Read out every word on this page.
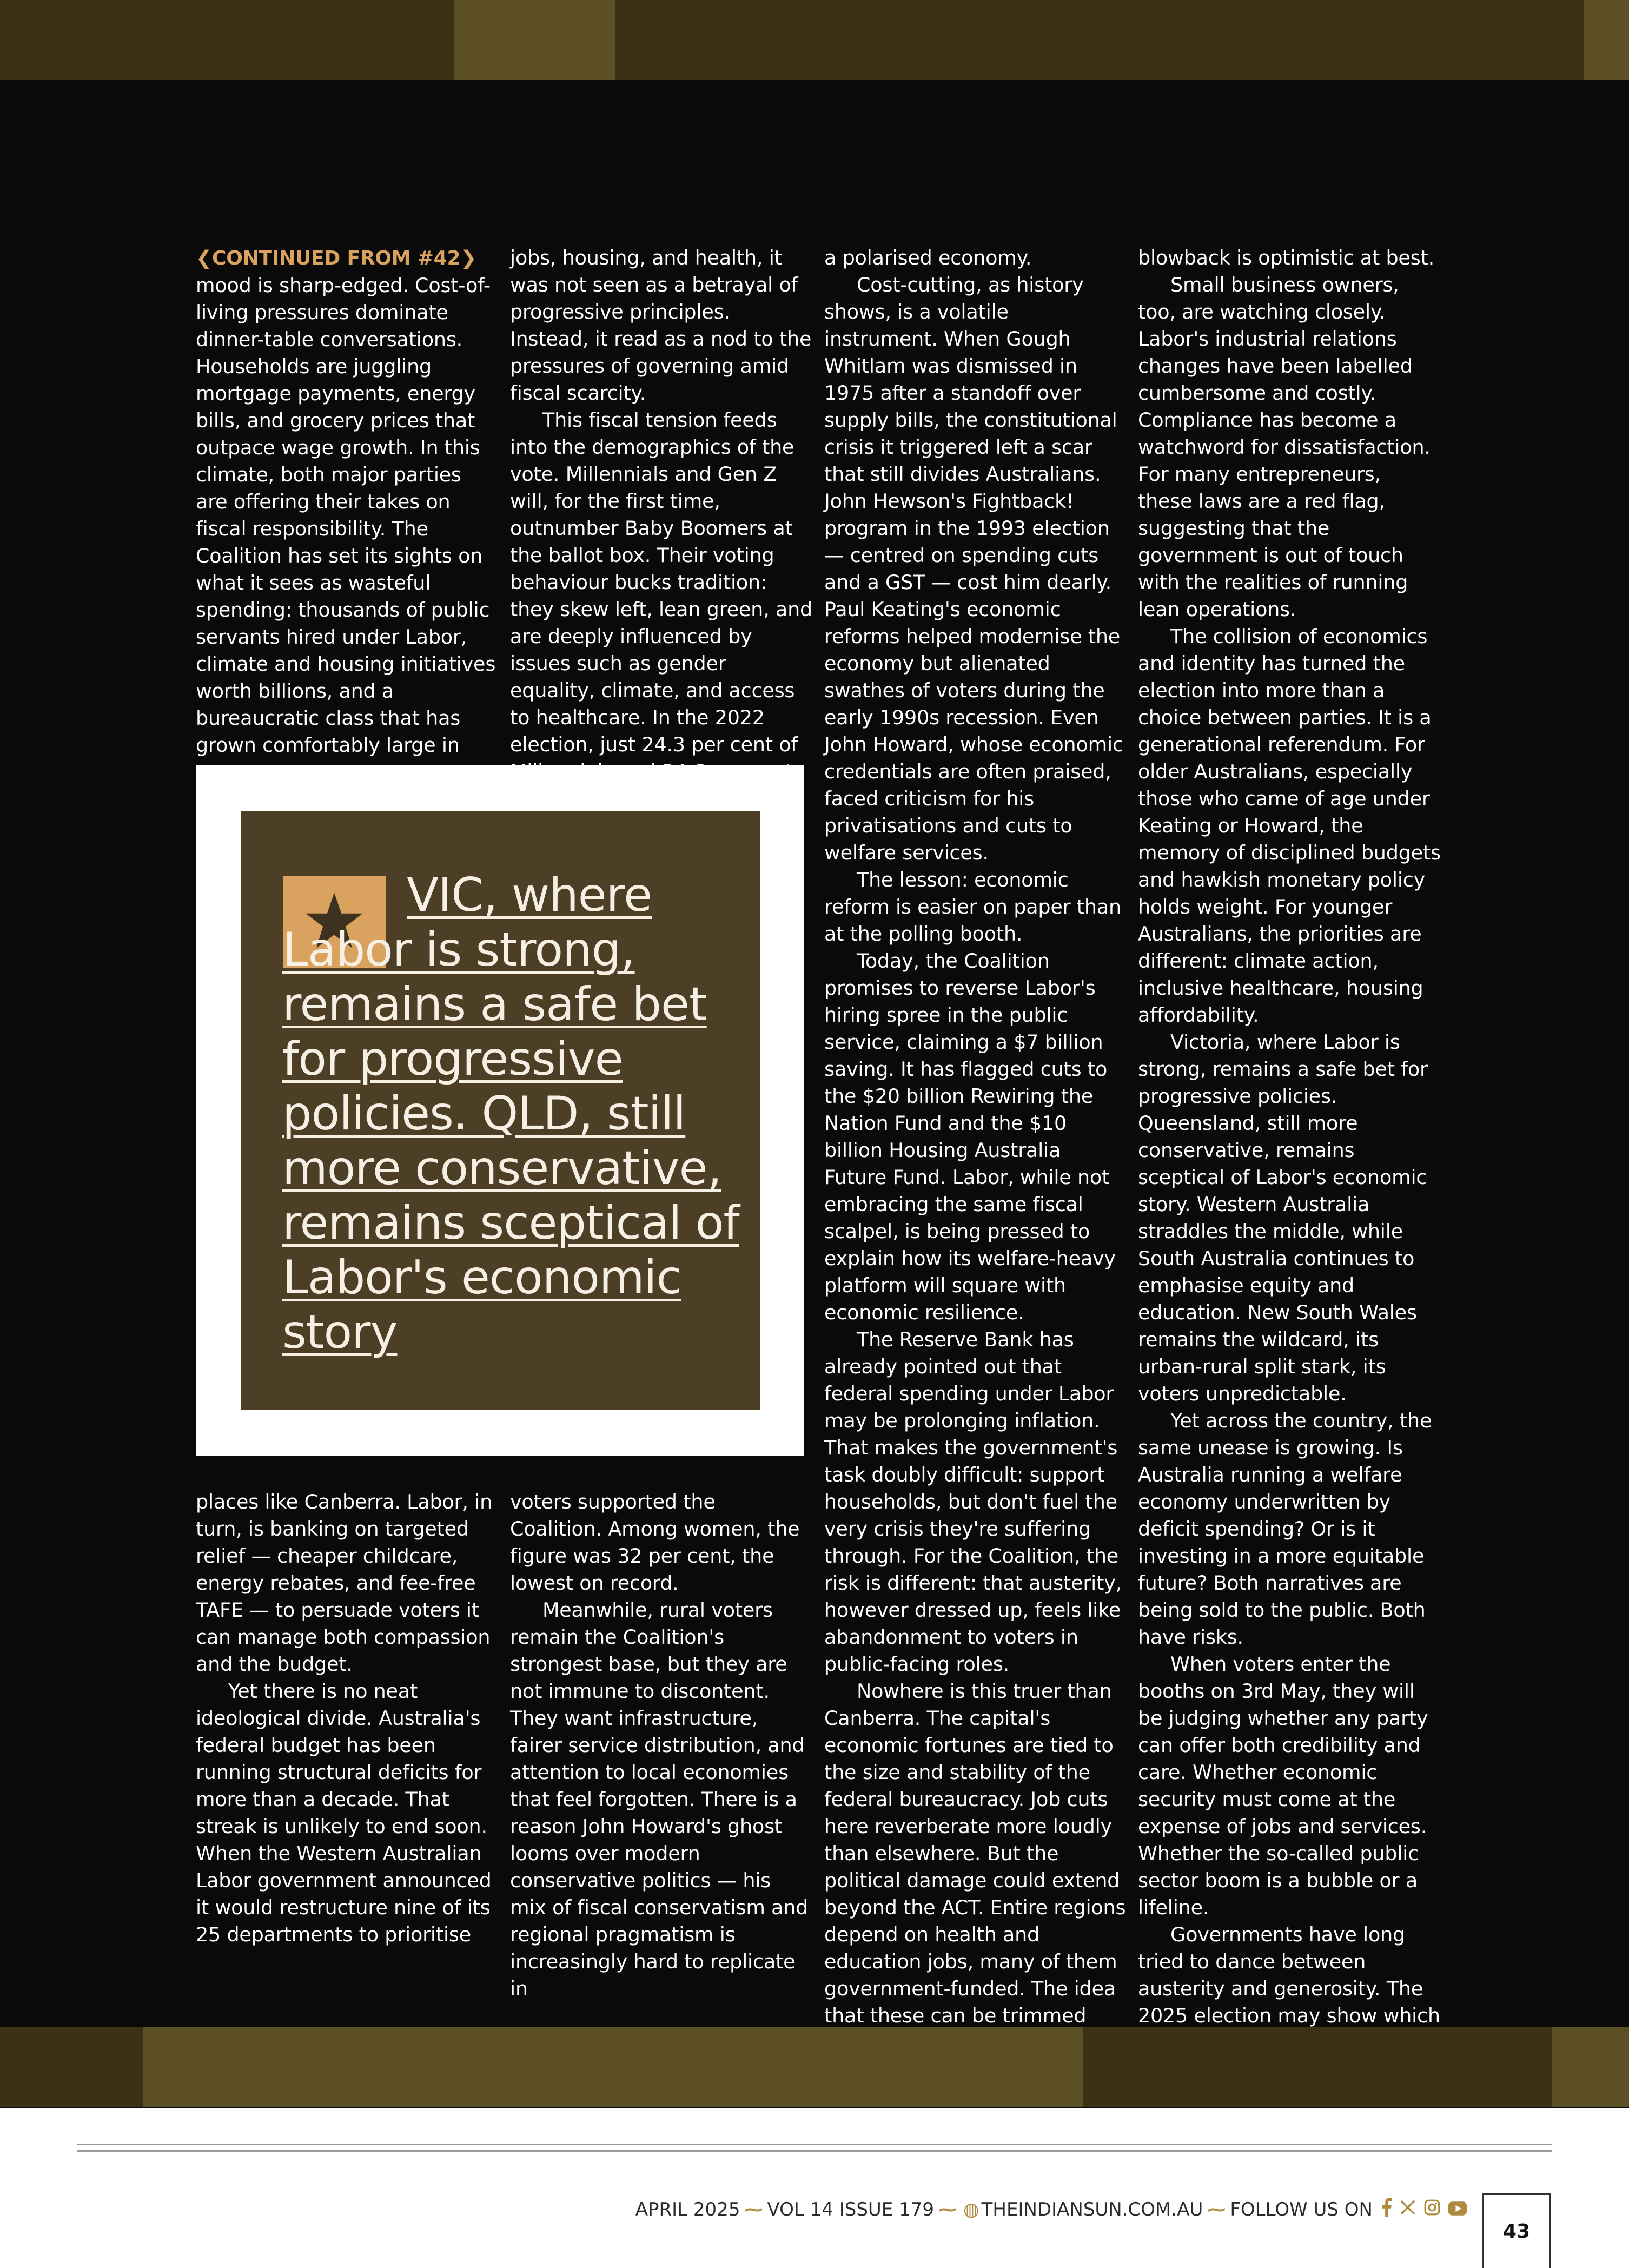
❮CONTINUED FROM #42❯

mood is sharp-edged. Cost-of-living pressures dominate dinner-table conversations. Households are juggling mortgage payments, energy bills, and grocery prices that outpace wage growth. In this climate, both major parties are offering their takes on fiscal responsibility. The Coalition has set its sights on what it sees as wasteful spending: thousands of public servants hired under Labor, climate and housing initiatives worth billions, and a bureaucratic class that has grown comfortably large in

jobs, housing, and health, it was not seen as a betrayal of progressive principles. Instead, it read as a nod to the pressures of governing amid fiscal scarcity.

This fiscal tension feeds into the demographics of the vote. Millennials and Gen Z will, for the first time, outnumber Baby Boomers at the ballot box. Their voting behaviour bucks tradition: they skew left, lean green, and are deeply influenced by issues such as gender equality, climate, and access to healthcare. In the 2022 election, just 24.3 per cent of

VIC, where Labor is strong, remains a safe bet for progressive policies. QLD, still more conservative, remains sceptical of Labor's economic story

places like Canberra. Labor, in turn, is banking on targeted relief — cheaper childcare, energy rebates, and fee-free TAFE — to persuade voters it can manage both compassion and the budget.

Yet there is no neat ideological divide. Australia's federal budget has been running structural deficits for more than a decade. That streak is unlikely to end soon. When the Western Australian Labor government announced it would restructure nine of its 25 departments to prioritise

voters supported the Coalition. Among women, the figure was 32 per cent, the lowest on record.

Meanwhile, rural voters remain the Coalition's strongest base, but they are not immune to discontent. They want infrastructure, fairer service distribution, and attention to local economies that feel forgotten. There is a reason John Howard's ghost looms over modern conservative politics — his mix of fiscal conservatism and regional pragmatism is increasingly hard to replicate in

a polarised economy.

Cost-cutting, as history shows, is a volatile instrument. When Gough Whitlam was dismissed in 1975 after a standoff over supply bills, the constitutional crisis it triggered left a scar that still divides Australians. John Hewson's Fightback! program in the 1993 election — centred on spending cuts and a GST — cost him dearly. Paul Keating's economic reforms helped modernise the economy but alienated swathes of voters during the early 1990s recession. Even John Howard, whose economic credentials are often praised, faced criticism for his privatisations and cuts to welfare services.

The lesson: economic reform is easier on paper than at the polling booth.

Today, the Coalition promises to reverse Labor's hiring spree in the public service, claiming a $7 billion saving. It has flagged cuts to the $20 billion Rewiring the Nation Fund and the $10 billion Housing Australia Future Fund. Labor, while not embracing the same fiscal scalpel, is being pressed to explain how its welfare-heavy platform will square with economic resilience.

The Reserve Bank has already pointed out that federal spending under Labor may be prolonging inflation. That makes the government's task doubly difficult: support households, but don't fuel the very crisis they're suffering through. For the Coalition, the risk is different: that austerity, however dressed up, feels like abandonment to voters in public-facing roles.

Nowhere is this truer than Canberra. The capital's economic fortunes are tied to the size and stability of the federal bureaucracy. Job cuts here reverberate more loudly than elsewhere. But the political damage could extend beyond the ACT. Entire regions depend on health and education jobs, many of them government-funded. The idea that these can be trimmed

blowback is optimistic at best.

Small business owners, too, are watching closely. Labor's industrial relations changes have been labelled cumbersome and costly. Compliance has become a watchword for dissatisfaction. For many entrepreneurs, these laws are a red flag, suggesting that the government is out of touch with the realities of running lean operations.

The collision of economics and identity has turned the election into more than a choice between parties. It is a generational referendum. For older Australians, especially those who came of age under Keating or Howard, the memory of disciplined budgets and hawkish monetary policy holds weight. For younger Australians, the priorities are different: climate action, inclusive healthcare, housing affordability.

Victoria, where Labor is strong, remains a safe bet for progressive policies. Queensland, still more conservative, remains sceptical of Labor's economic story. Western Australia straddles the middle, while South Australia continues to emphasise equity and education. New South Wales remains the wildcard, its urban-rural split stark, its voters unpredictable.

Yet across the country, the same unease is growing. Is Australia running a welfare economy underwritten by deficit spending? Or is it investing in a more equitable future? Both narratives are being sold to the public. Both have risks.

When voters enter the booths on 3rd May, they will be judging whether any party can offer both credibility and care. Whether economic security must come at the expense of jobs and services. Whether the so-called public sector boom is a bubble or a lifeline.

Governments have long tried to dance between austerity and generosity. The 2025 election may show which

APRIL 2025 ⁓ VOL 14 ISSUE 179 ⁓ ◍ THEINDIANSUN.COM.AU ⁓ FOLLOW US ON
43
